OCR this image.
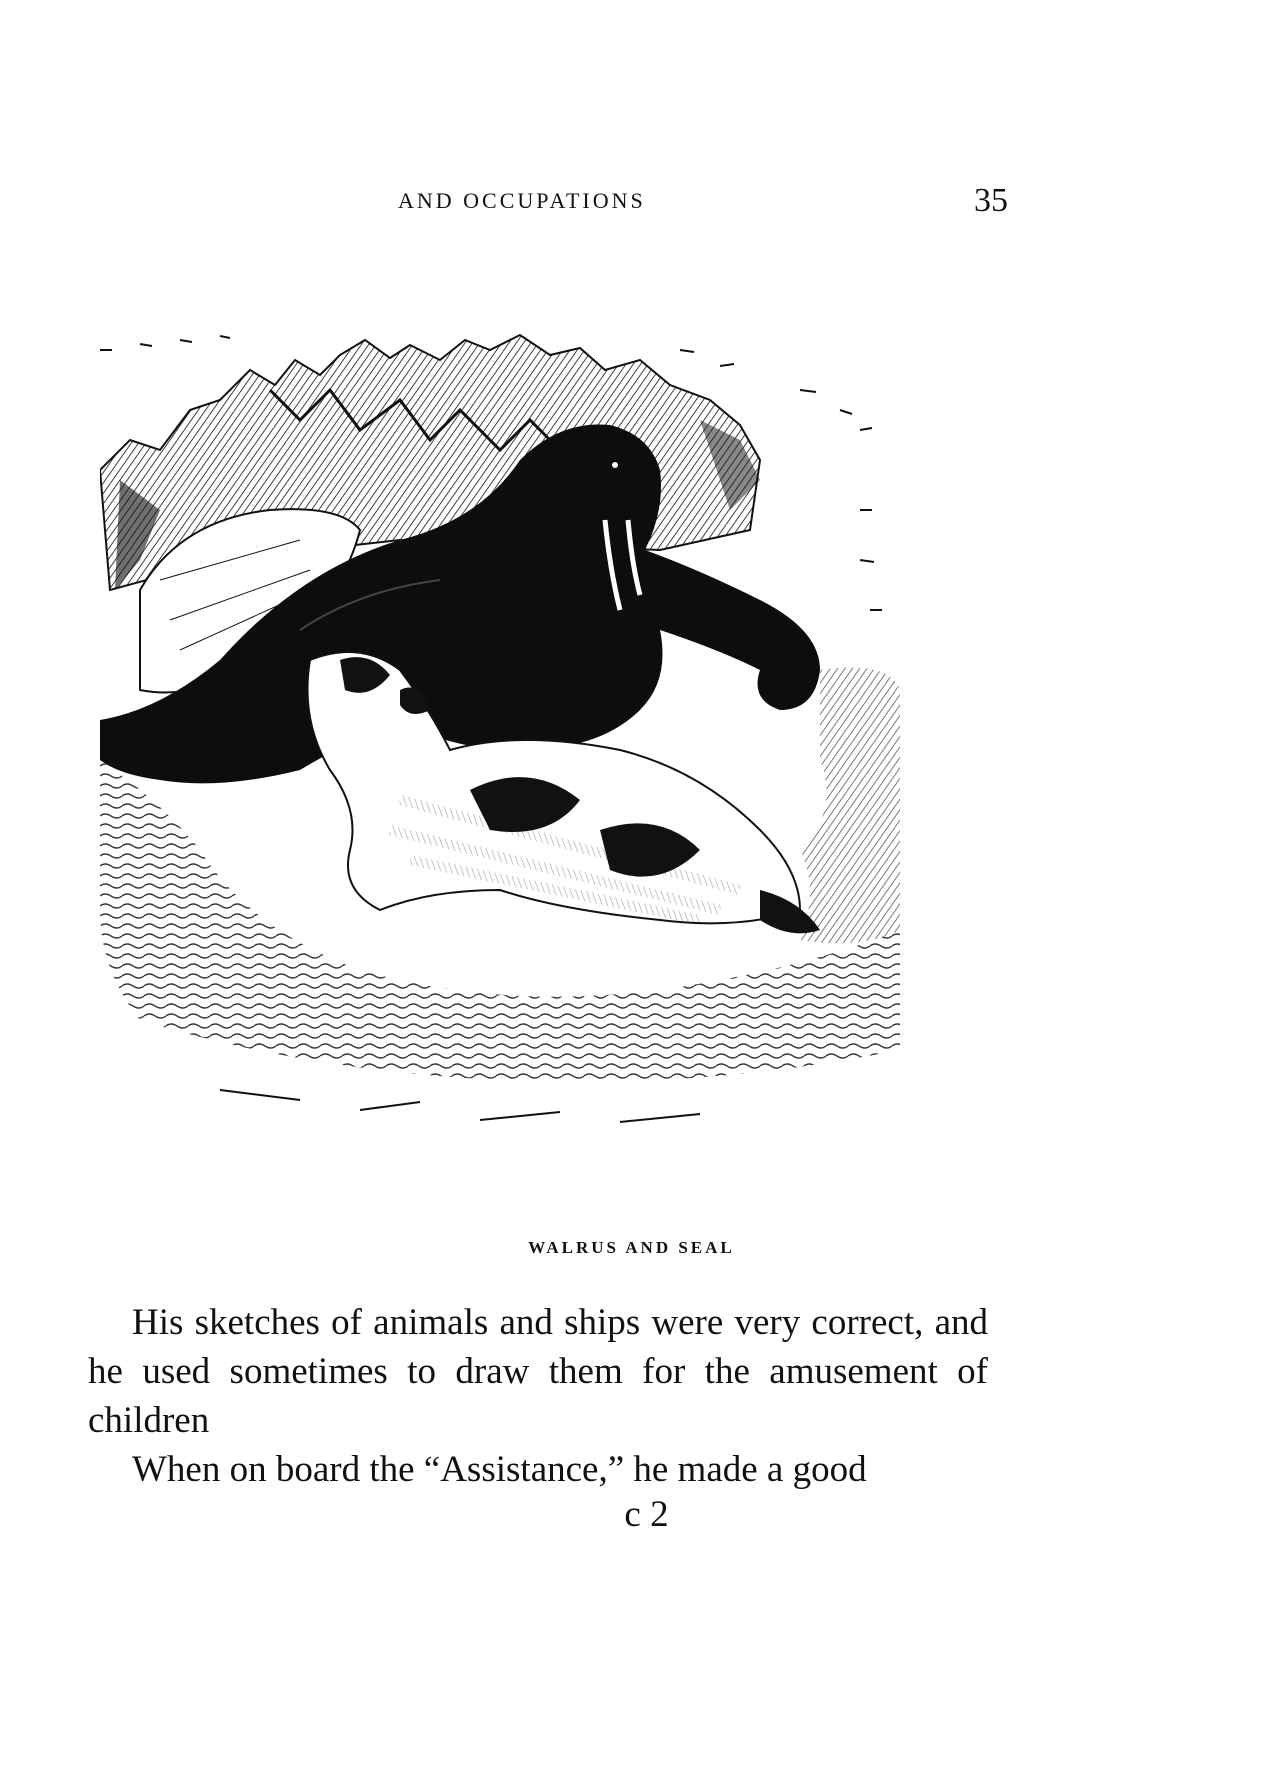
AND OCCUPATIONS	35
WALRUS AND SEAL

His sketches of animals and ships were very correct, and he used sometimes to draw them for the amusement of children

When on board the “Assistance,” he made a good

c 2
